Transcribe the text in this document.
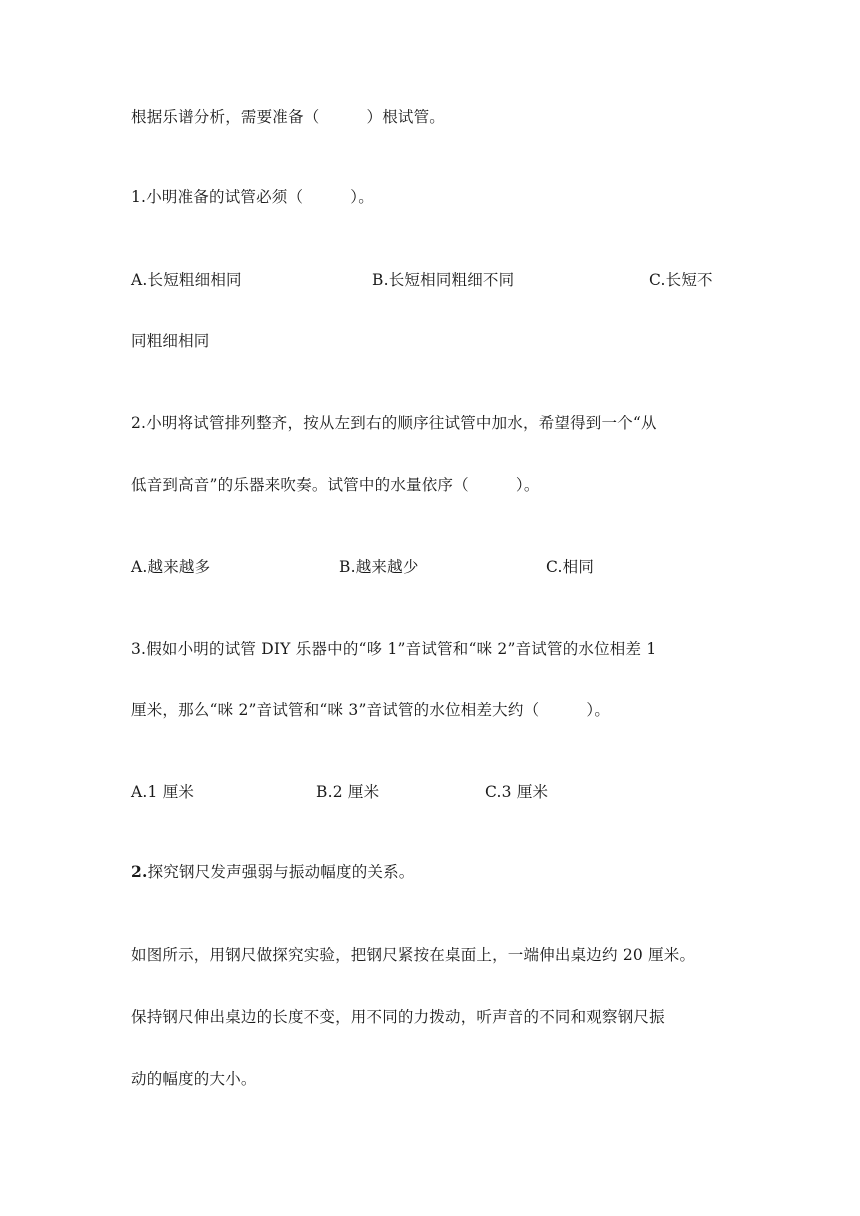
根据乐谱分析，需要准备（　　　）根试管。
1.小明准备的试管必须（　　　）。
A.长短粗细相同	B.长短相同粗细不同	C.长短不
同粗细相同
2.小明将试管排列整齐，按从左到右的顺序往试管中加水，希望得到一个“从
低音到高音”的乐器来吹奏。试管中的水量依序（　　　）。
A.越来越多	B.越来越少	C.相同
3.假如小明的试管 DIY 乐器中的“哆 1”音试管和“咪 2”音试管的水位相差 1
厘米，那么“咪 2”音试管和“咪 3”音试管的水位相差大约（　　　）。
A.1 厘米	B.2 厘米	C.3 厘米
2.探究钢尺发声强弱与振动幅度的关系。
如图所示，用钢尺做探究实验，把钢尺紧按在桌面上，一端伸出桌边约 20 厘米。
保持钢尺伸出桌边的长度不变，用不同的力拨动，听声音的不同和观察钢尺振
动的幅度的大小。
